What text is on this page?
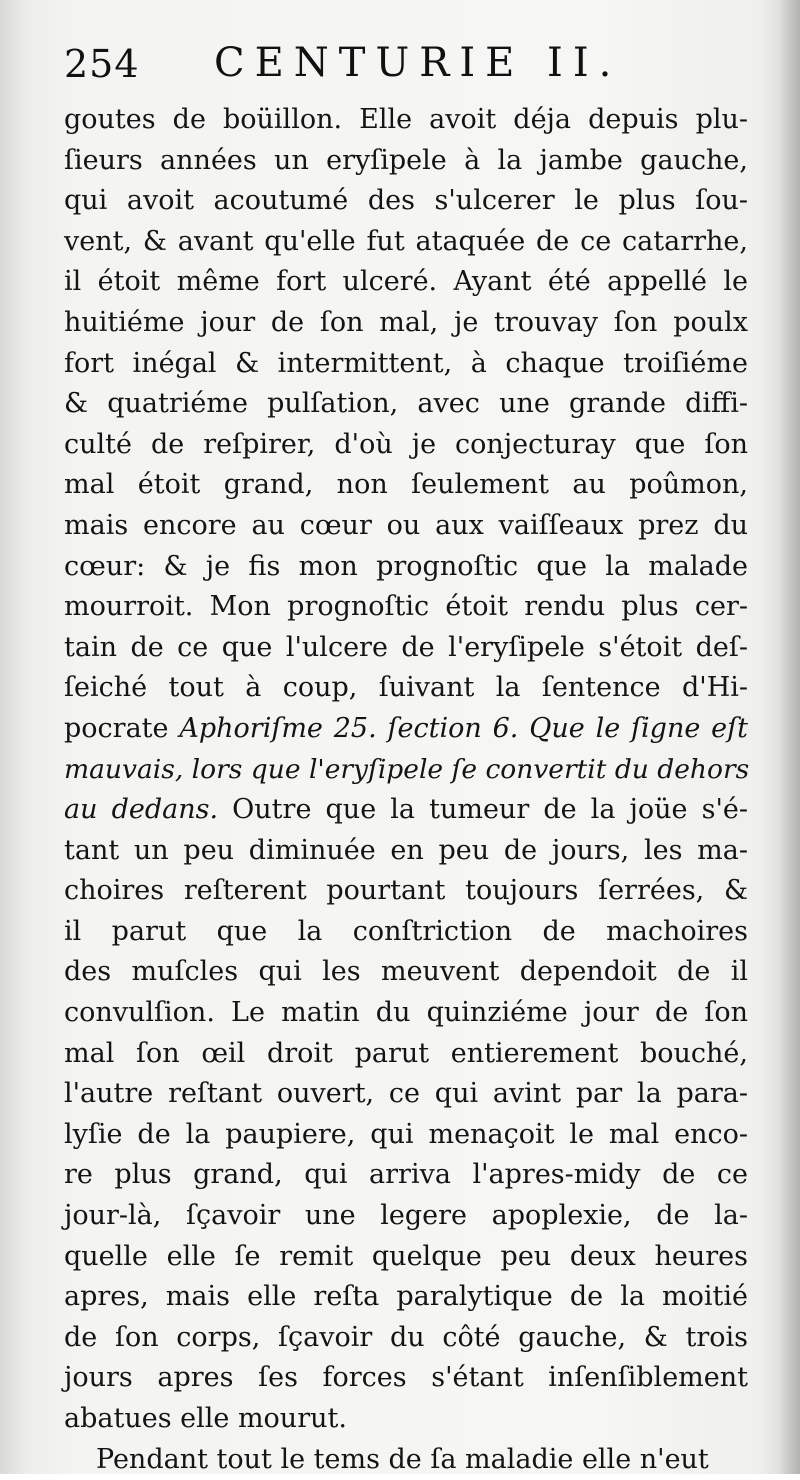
254 CENTURIE II.
goutes de boüillon. Elle avoit déja depuis plu-
ſieurs années un eryſipele à la jambe gauche,
qui avoit acoutumé des s'ulcerer le plus ſou-
vent, & avant qu'elle fut ataquée de ce catarrhe,
il étoit même fort ulceré. Ayant été appellé le
huitiéme jour de ſon mal, je trouvay ſon poulx
fort inégal & intermittent, à chaque troiſiéme
& quatriéme pulſation, avec une grande diffi-
culté de reſpirer, d'où je conjecturay que ſon
mal étoit grand, non ſeulement au poûmon,
mais encore au cœur ou aux vaiſſeaux prez du
cœur: & je fis mon prognoſtic que la malade
mourroit. Mon prognoſtic étoit rendu plus cer-
tain de ce que l'ulcere de l'eryſipele s'étoit deſ-
ſeiché tout à coup, ſuivant la ſentence d'Hi-
pocrate Aphoriſme 25. ſection 6. Que le ſigne eſt
mauvais, lors que l'eryſipele ſe convertit du dehors
au dedans. Outre que la tumeur de la joüe s'é-
tant un peu diminuée en peu de jours, les ma-
choires reſterent pourtant toujours ſerrées, &
il parut que la conſtriction de machoires
des muſcles qui les meuvent dependoit de il
convulſion. Le matin du quinziéme jour de ſon
mal ſon œil droit parut entierement bouché,
l'autre reſtant ouvert, ce qui avint par la para-
lyſie de la paupiere, qui menaçoit le mal enco-
re plus grand, qui arriva l'apres-midy de ce
jour-là, ſçavoir une legere apoplexie, de la-
quelle elle ſe remit quelque peu deux heures
apres, mais elle reſta paralytique de la moitié
de ſon corps, ſçavoir du côté gauche, & trois
jours apres ſes forces s'étant inſenſiblement
abatues elle mourut.
Pendant tout le tems de ſa maladie elle n'eut
